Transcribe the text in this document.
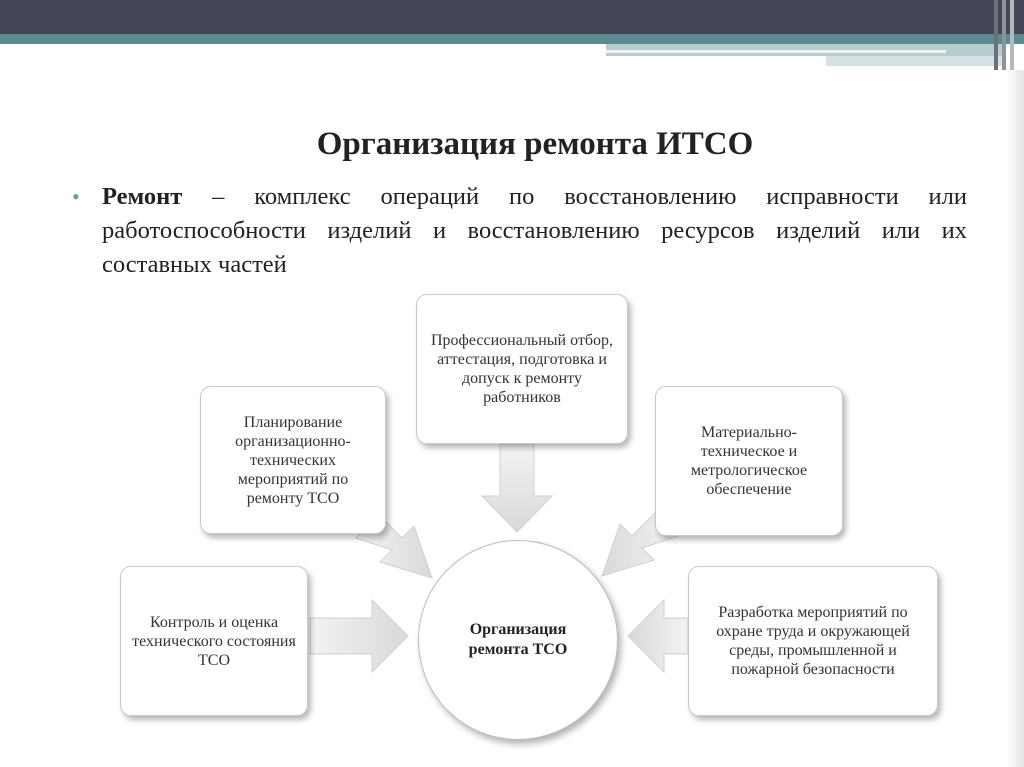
Организация ремонта ИТСО
• Ремонт – комплекс операций по восстановлению исправности или работоспособности изделий и восстановлению ресурсов изделий или их составных частей
Профессиональный отбор, аттестация, подготовка и допуск к ремонту работников
Планирование организационно-технических мероприятий по ремонту ТСО
Материально-техническое и метрологическое обеспечение
Контроль и оценка технического состояния ТСО
Разработка мероприятий по охране труда и окружающей среды, промышленной и пожарной безопасности
Организация ремонта ТСО
